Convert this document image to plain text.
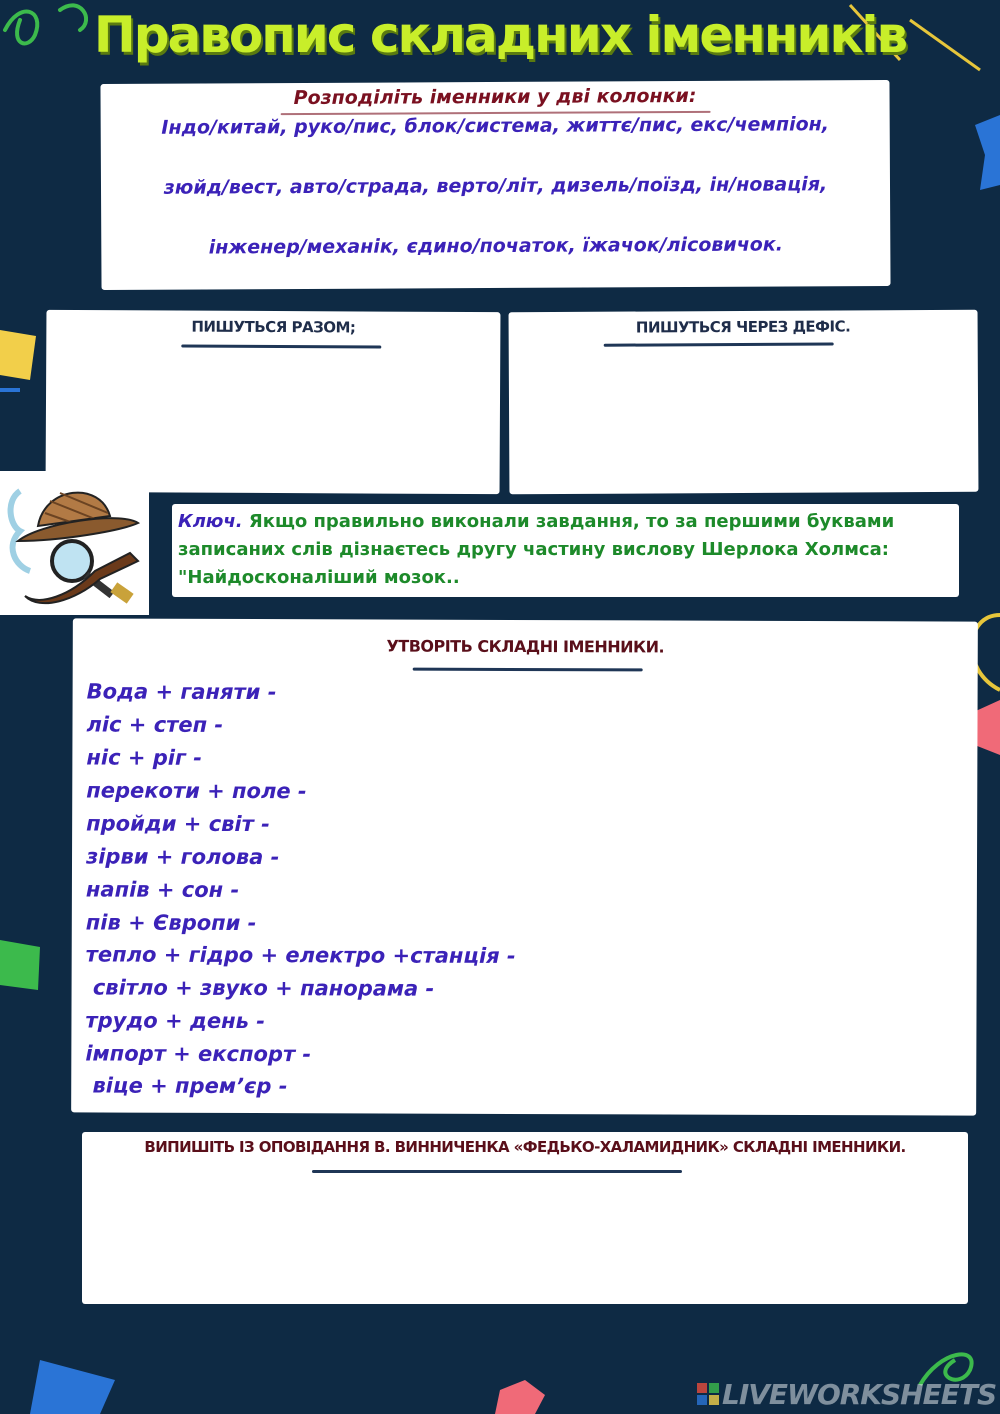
Правопис складних іменників
Розподіліть іменники у дві колонки:
Індо/китай, руко/пис, блок/система, життє/пис, екс/чемпіон,
зюйд/вест, авто/страда, верто/літ, дизель/поїзд, ін/новація,
інженер/механік, єдино/початок, їжачок/лісовичок.
ПИШУТЬСЯ РАЗОМ;	ПИШУТЬСЯ ЧЕРЕЗ ДЕФІС.
Ключ. Якщо правильно виконали завдання, то за першими буквами записаних слів дізнаєтесь другу частину вислову Шерлока Холмса: "Найдосконаліший мозок..
УТВОРІТЬ СКЛАДНІ ІМЕННИКИ.
Вода + ганяти -
ліс + степ -
ніс + ріг -
перекоти + поле -
пройди + світ -
зірви + голова -
напів + сон -
пів + Європи -
тепло + гідро + електро +станція -
світло + звуко + панорама -
трудо + день -
імпорт + експорт -
віце + прем’єр -
ВИПИШІТЬ ІЗ ОПОВІДАННЯ В. ВИННИЧЕНКА «ФЕДЬКО-ХАЛАМИДНИК» СКЛАДНІ ІМЕННИКИ.
LIVEWORKSHEETS
